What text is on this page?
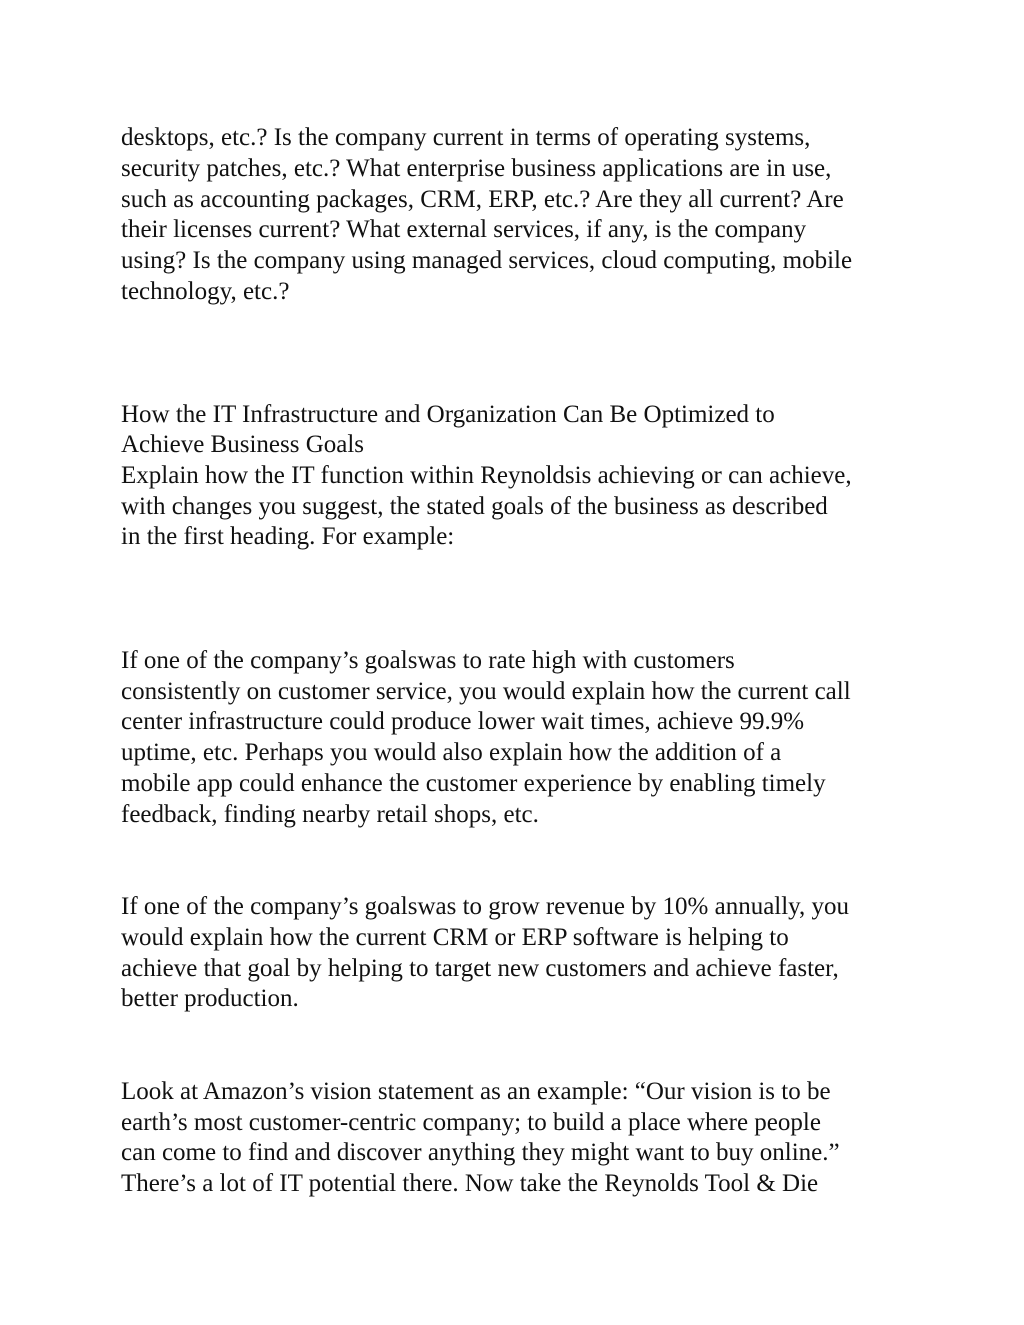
desktops, etc.? Is the company current in terms of operating systems,

security patches, etc.? What enterprise business applications are in use,

such as accounting packages, CRM, ERP, etc.? Are they all current? Are

their licenses current? What external services, if any, is the company

using? Is the company using managed services, cloud computing, mobile

technology, etc.?

How the IT Infrastructure and Organization Can Be Optimized to

Achieve Business Goals

Explain how the IT function within Reynoldsis achieving or can achieve,

with changes you suggest, the stated goals of the business as described

in the first heading. For example:

If one of the company’s goalswas to rate high with customers

consistently on customer service, you would explain how the current call

center infrastructure could produce lower wait times, achieve 99.9%

uptime, etc. Perhaps you would also explain how the addition of a

mobile app could enhance the customer experience by enabling timely

feedback, finding nearby retail shops, etc.

If one of the company’s goalswas to grow revenue by 10% annually, you

would explain how the current CRM or ERP software is helping to

achieve that goal by helping to target new customers and achieve faster,

better production.

Look at Amazon’s vision statement as an example: “Our vision is to be

earth’s most customer-centric company; to build a place where people

can come to find and discover anything they might want to buy online.”

There’s a lot of IT potential there. Now take the Reynolds Tool & Die
